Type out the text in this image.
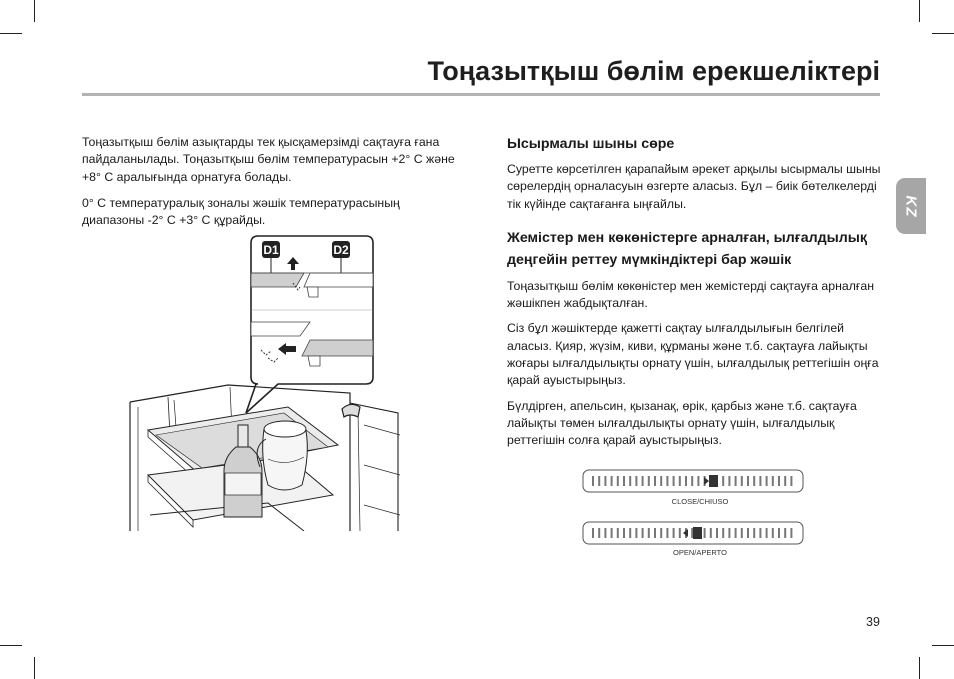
Тоңазытқыш бөлім ерекшеліктері
KZ

Тоңазытқыш бөлім азықтарды тек қысқамерзімді сақтауға ғана пайдаланылады. Тоңазытқыш бөлім температурасын +2° C және +8° C аралығында орнатуға болады.

0° C температуралық зоналы жәшік температурасының диапазоны -2° C +3° C құрайды.

D1	D2
Ысырмалы шыны сөре

Суретте көрсетілген қарапайым әрекет арқылы ысырмалы шыны сөрелердің орналасуын өзгерте аласыз. Бұл – биік бөтелкелерді тік күйінде сақтағанға ыңғайлы.

Жемістер мен көкөністерге арналған, ылғалдылық деңгейін реттеу мүмкіндіктері бар жәшік

Тоңазытқыш бөлім көкөністер мен жемістерді сақтауға арналған жәшікпен жабдықталған.

Сіз бұл жәшіктерде қажетті сақтау ылғалдылығын белгілей аласыз. Қияр, жүзім, киви, құрманы және т.б. сақтауға лайықты жоғары ылғалдылықты орнату үшін, ылғалдылық реттегішін оңға қарай ауыстырыңыз.

Бүлдірген, апельсин, қызанақ, өрік, қарбыз және т.б. сақтауға лайықты төмен ылғалдылықты орнату үшін, ылғалдылық реттегішін солға қарай ауыстырыңыз.

CLOSE/CHIUSO
OPEN/APERTO
39
